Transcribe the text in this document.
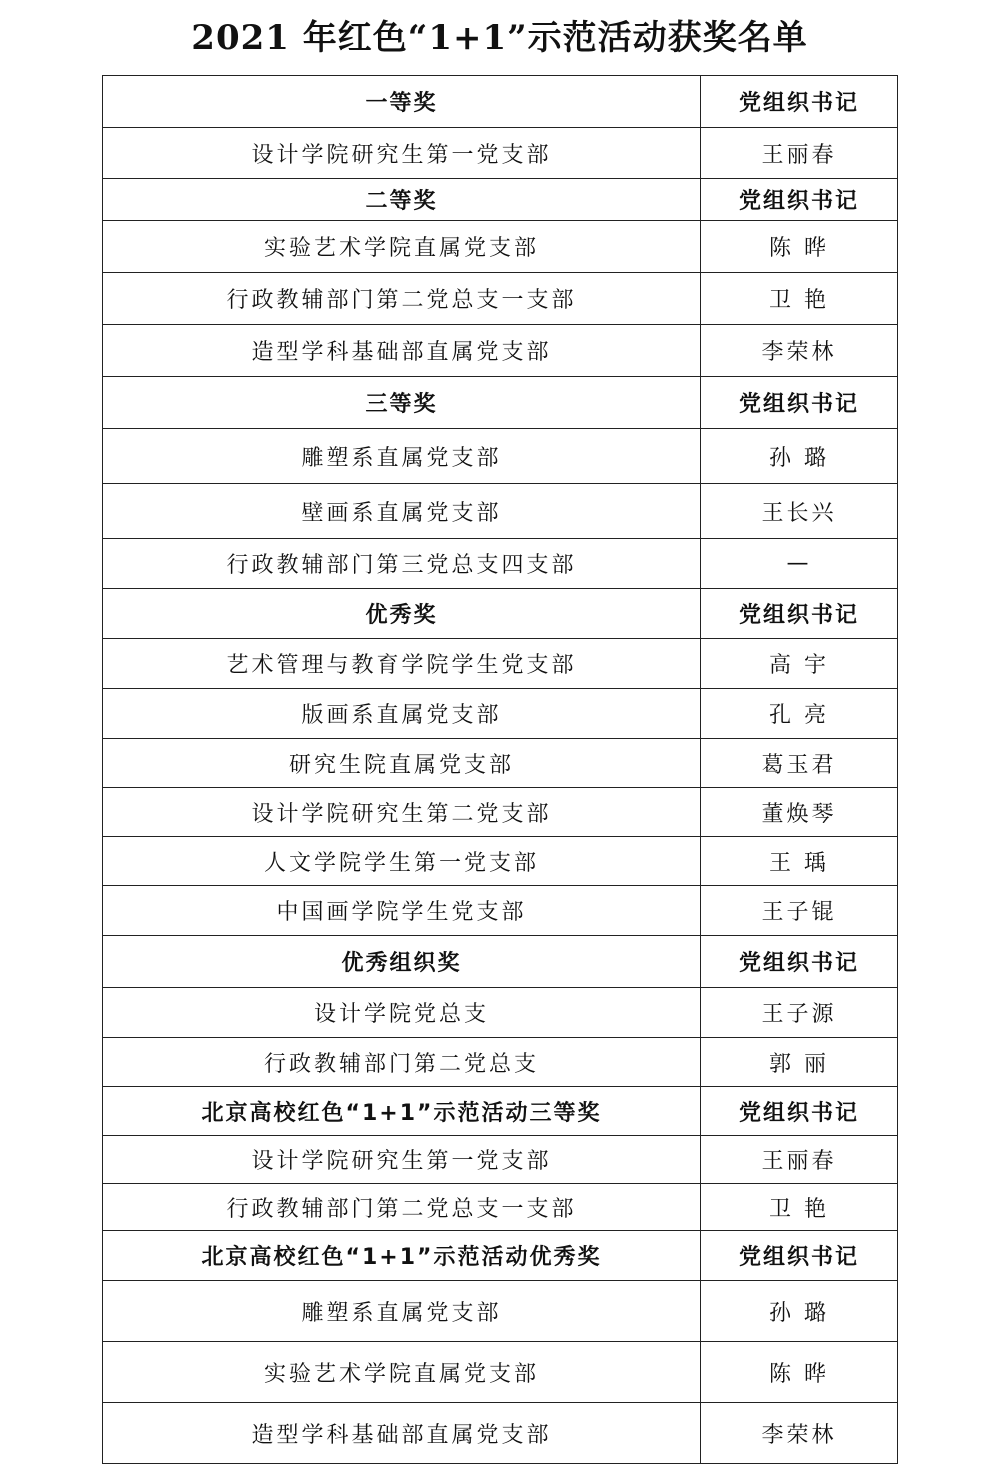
2021 年红色“1+1”示范活动获奖名单
一等奖	党组织书记
设计学院研究生第一党支部	王丽春
二等奖	党组织书记
实验艺术学院直属党支部	陈 晔
行政教辅部门第二党总支一支部	卫 艳
造型学科基础部直属党支部	李荣林
三等奖	党组织书记
雕塑系直属党支部	孙 璐
壁画系直属党支部	王长兴
行政教辅部门第三党总支四支部	—
优秀奖	党组织书记
艺术管理与教育学院学生党支部	高 宇
版画系直属党支部	孔 亮
研究生院直属党支部	葛玉君
设计学院研究生第二党支部	董焕琴
人文学院学生第一党支部	王 瑀
中国画学院学生党支部	王子锟
优秀组织奖	党组织书记
设计学院党总支	王子源
行政教辅部门第二党总支	郭 丽
北京高校红色“1+1”示范活动三等奖	党组织书记
设计学院研究生第一党支部	王丽春
行政教辅部门第二党总支一支部	卫 艳
北京高校红色“1+1”示范活动优秀奖	党组织书记
雕塑系直属党支部	孙 璐
实验艺术学院直属党支部	陈 晔
造型学科基础部直属党支部	李荣林
